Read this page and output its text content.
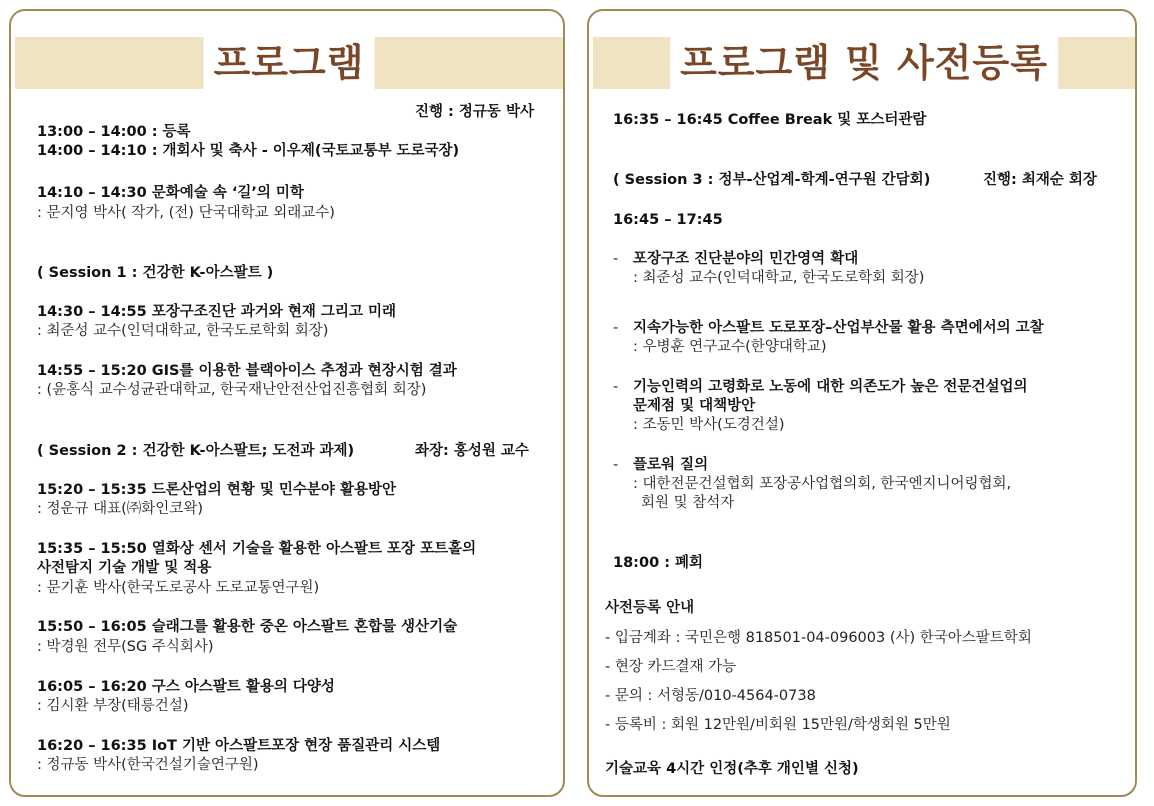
프로그램
진행 : 정규동 박사
13:00 – 14:00 : 등록
14:00 – 14:10 : 개회사 및 축사 - 이우제(국토교통부 도로국장)
14:10 – 14:30 문화예술 속 ‘길’의 미학
: 문지영 박사( 작가, (전) 단국대학교 외래교수)
( Session 1 : 건강한 K-아스팔트 )
14:30 – 14:55 포장구조진단 과거와 현재 그리고 미래
: 최준성 교수(인덕대학교, 한국도로학회 회장)
14:55 – 15:20 GIS를 이용한 블랙아이스 추정과 현장시험 결과
: (윤홍식 교수성균관대학교, 한국재난안전산업진흥협회 회장)
( Session 2 : 건강한 K-아스팔트; 도전과 과제)	좌장: 홍성원 교수
15:20 – 15:35 드론산업의 현황 및 민수분야 활용방안
: 정운규 대표(㈜화인코왁)
15:35 – 15:50 열화상 센서 기술을 활용한 아스팔트 포장 포트홀의
사전탐지 기술 개발 및 적용
: 문기훈 박사(한국도로공사 도로교통연구원)
15:50 – 16:05 슬래그를 활용한 중온 아스팔트 혼합물 생산기술
: 박경원 전무(SG 주식회사)
16:05 – 16:20 구스 아스팔트 활용의 다양성
: 김시환 부장(태릉건설)
16:20 – 16:35 IoT 기반 아스팔트포장 현장 품질관리 시스템
: 정규동 박사(한국건설기술연구원)
프로그램 및 사전등록
16:35 – 16:45 Coffee Break 및 포스터관람
( Session 3 : 정부-산업계-학계-연구원 간담회)	진행: 최재순 회장
16:45 – 17:45
- 포장구조 진단분야의 민간영역 확대
: 최준성 교수(인덕대학교, 한국도로학회 회장)
- 지속가능한 아스팔트 도로포장–산업부산물 활용 측면에서의 고찰
: 우병훈 연구교수(한양대학교)
- 기능인력의 고령화로 노동에 대한 의존도가 높은 전문건설업의
문제점 및 대책방안
: 조동민 박사(도경건설)
- 플로워 질의
: 대한전문건설협회 포장공사업협의회, 한국엔지니어링협회,
회원 및 참석자
18:00 : 폐회
사전등록 안내
- 입금계좌 : 국민은행 818501-04-096003 (사) 한국아스팔트학회
- 현장 카드결재 가능
- 문의 : 서형동/010-4564-0738
- 등록비 : 회원 12만원/비회원 15만원/학생회원 5만원
기술교육 4시간 인정(추후 개인별 신청)
